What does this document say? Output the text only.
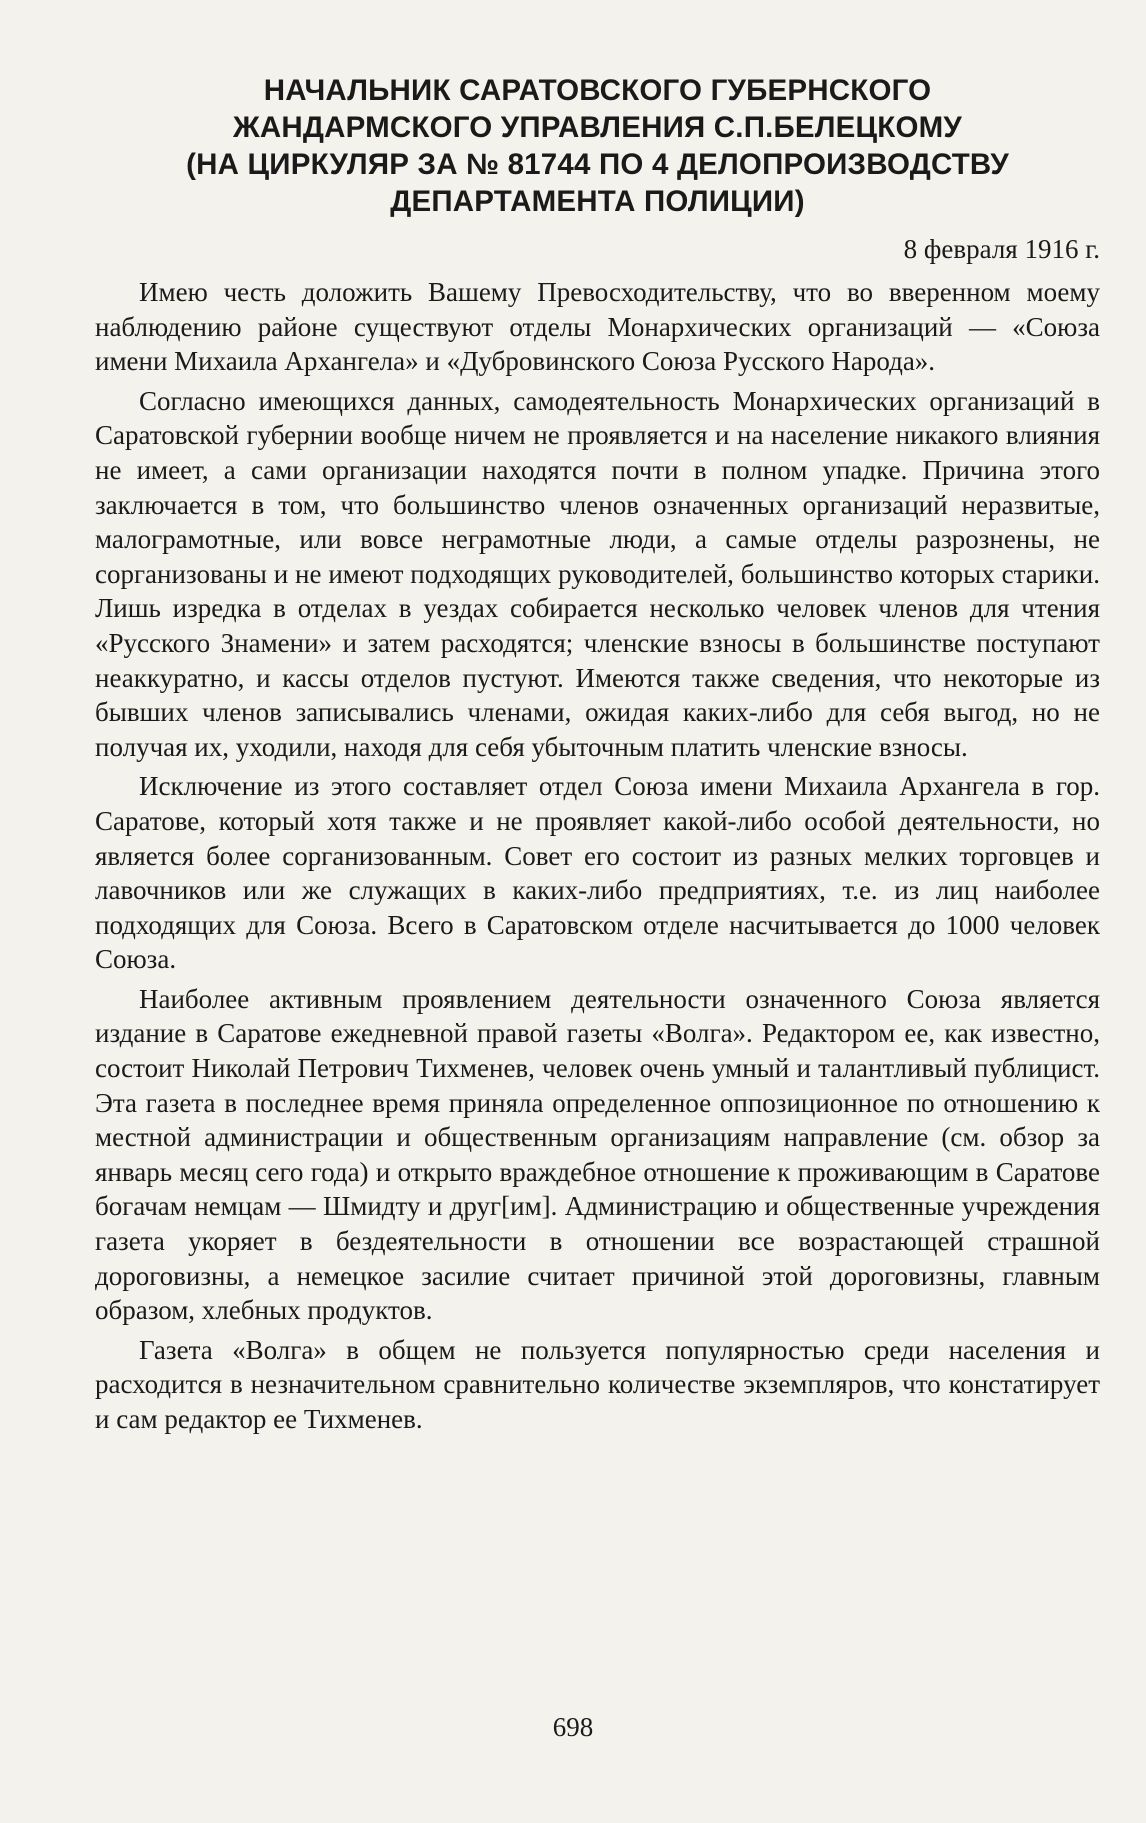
НАЧАЛЬНИК САРАТОВСКОГО ГУБЕРНСКОГО
ЖАНДАРМСКОГО УПРАВЛЕНИЯ С.П.БЕЛЕЦКОМУ
(НА ЦИРКУЛЯР ЗА № 81744 ПО 4 ДЕЛОПРОИЗВОДСТВУ
ДЕПАРТАМЕНТА ПОЛИЦИИ)
8 февраля 1916 г.

Имею честь доложить Вашему Превосходительству, что во вверенном моему наблюдению районе существуют отделы Монархических организаций — «Союза имени Михаила Архангела» и «Дубровинского Союза Русского Народа».

Согласно имеющихся данных, самодеятельность Монархических организаций в Саратовской губернии вообще ничем не проявляется и на население никакого влияния не имеет, а сами организации находятся почти в полном упадке. Причина этого заключается в том, что большинство членов означенных организаций неразвитые, малограмотные, или вовсе неграмотные люди, а самые отделы разрознены, не сорганизованы и не имеют подходящих руководителей, большинство которых старики. Лишь изредка в отделах в уездах собирается несколько человек членов для чтения «Русского Знамени» и затем расходятся; членские взносы в большинстве поступают неаккуратно, и кассы отделов пустуют. Имеются также сведения, что некоторые из бывших членов записывались членами, ожидая каких-либо для себя выгод, но не получая их, уходили, находя для себя убыточным платить членские взносы.

Исключение из этого составляет отдел Союза имени Михаила Архангела в гор. Саратове, который хотя также и не проявляет какой-либо особой деятельности, но является более сорганизованным. Совет его состоит из разных мелких торговцев и лавочников или же служащих в каких-либо предприятиях, т.е. из лиц наиболее подходящих для Союза. Всего в Саратовском отделе насчитывается до 1000 человек Союза.

Наиболее активным проявлением деятельности означенного Союза является издание в Саратове ежедневной правой газеты «Волга». Редактором ее, как известно, состоит Николай Петрович Тихменев, человек очень умный и талантливый публицист. Эта газета в последнее время приняла определенное оппозиционное по отношению к местной администрации и общественным организациям направление (см. обзор за январь месяц сего года) и открыто враждебное отношение к проживающим в Саратове богачам немцам — Шмидту и друг[им]. Администрацию и общественные учреждения газета укоряет в бездеятельности в отношении все возрастающей страшной дороговизны, а немецкое засилие считает причиной этой дороговизны, главным образом, хлебных продуктов.

Газета «Волга» в общем не пользуется популярностью среди населения и расходится в незначительном сравнительно количестве экземпляров, что констатирует и сам редактор ее Тихменев.

698
